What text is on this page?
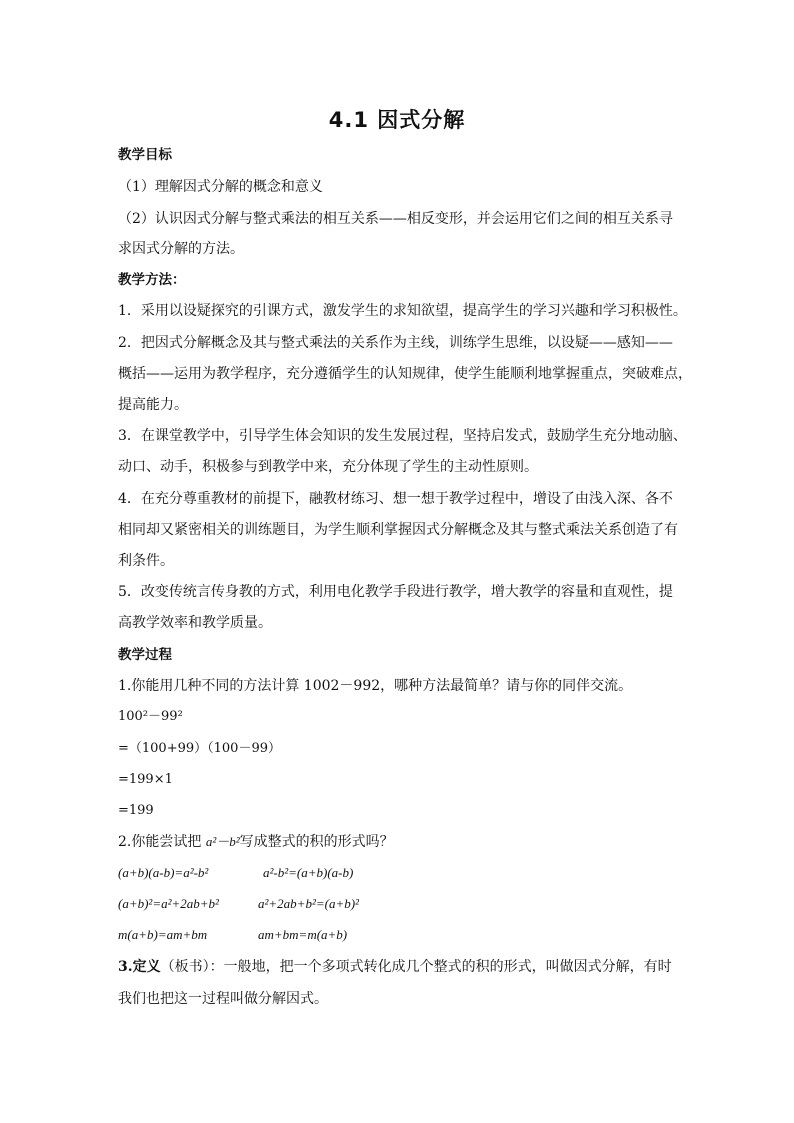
4.1 因式分解
教学目标
（1）理解因式分解的概念和意义
（2）认识因式分解与整式乘法的相互关系——相反变形，并会运用它们之间的相互关系寻
求因式分解的方法。
教学方法：
1．采用以设疑探究的引课方式，激发学生的求知欲望，提高学生的学习兴趣和学习积极性。
2．把因式分解概念及其与整式乘法的关系作为主线，训练学生思维，以设疑——感知——
概括——运用为教学程序，充分遵循学生的认知规律，使学生能顺利地掌握重点，突破难点，
提高能力。
3．在课堂教学中，引导学生体会知识的发生发展过程，坚持启发式，鼓励学生充分地动脑、
动口、动手，积极参与到教学中来，充分体现了学生的主动性原则。
4．在充分尊重教材的前提下，融教材练习、想一想于教学过程中，增设了由浅入深、各不
相同却又紧密相关的训练题目，为学生顺利掌握因式分解概念及其与整式乘法关系创造了有
利条件。
5．改变传统言传身教的方式，利用电化教学手段进行教学，增大教学的容量和直观性，提
高教学效率和教学质量。
教学过程
1.你能用几种不同的方法计算 1002－992，哪种方法最简单？请与你的同伴交流。
100²－99²
=（100+99）（100－99）
=199×1
=199
2.你能尝试把 a²－b²写成整式的积的形式吗？
(a+b)(a-b)=a²-b²	a²-b²=(a+b)(a-b)
(a+b)²=a²+2ab+b²	a²+2ab+b²=(a+b)²
m(a+b)=am+bm	am+bm=m(a+b)
3.定义（板书）：一般地，把一个多项式转化成几个整式的积的形式，叫做因式分解，有时
我们也把这一过程叫做分解因式。
